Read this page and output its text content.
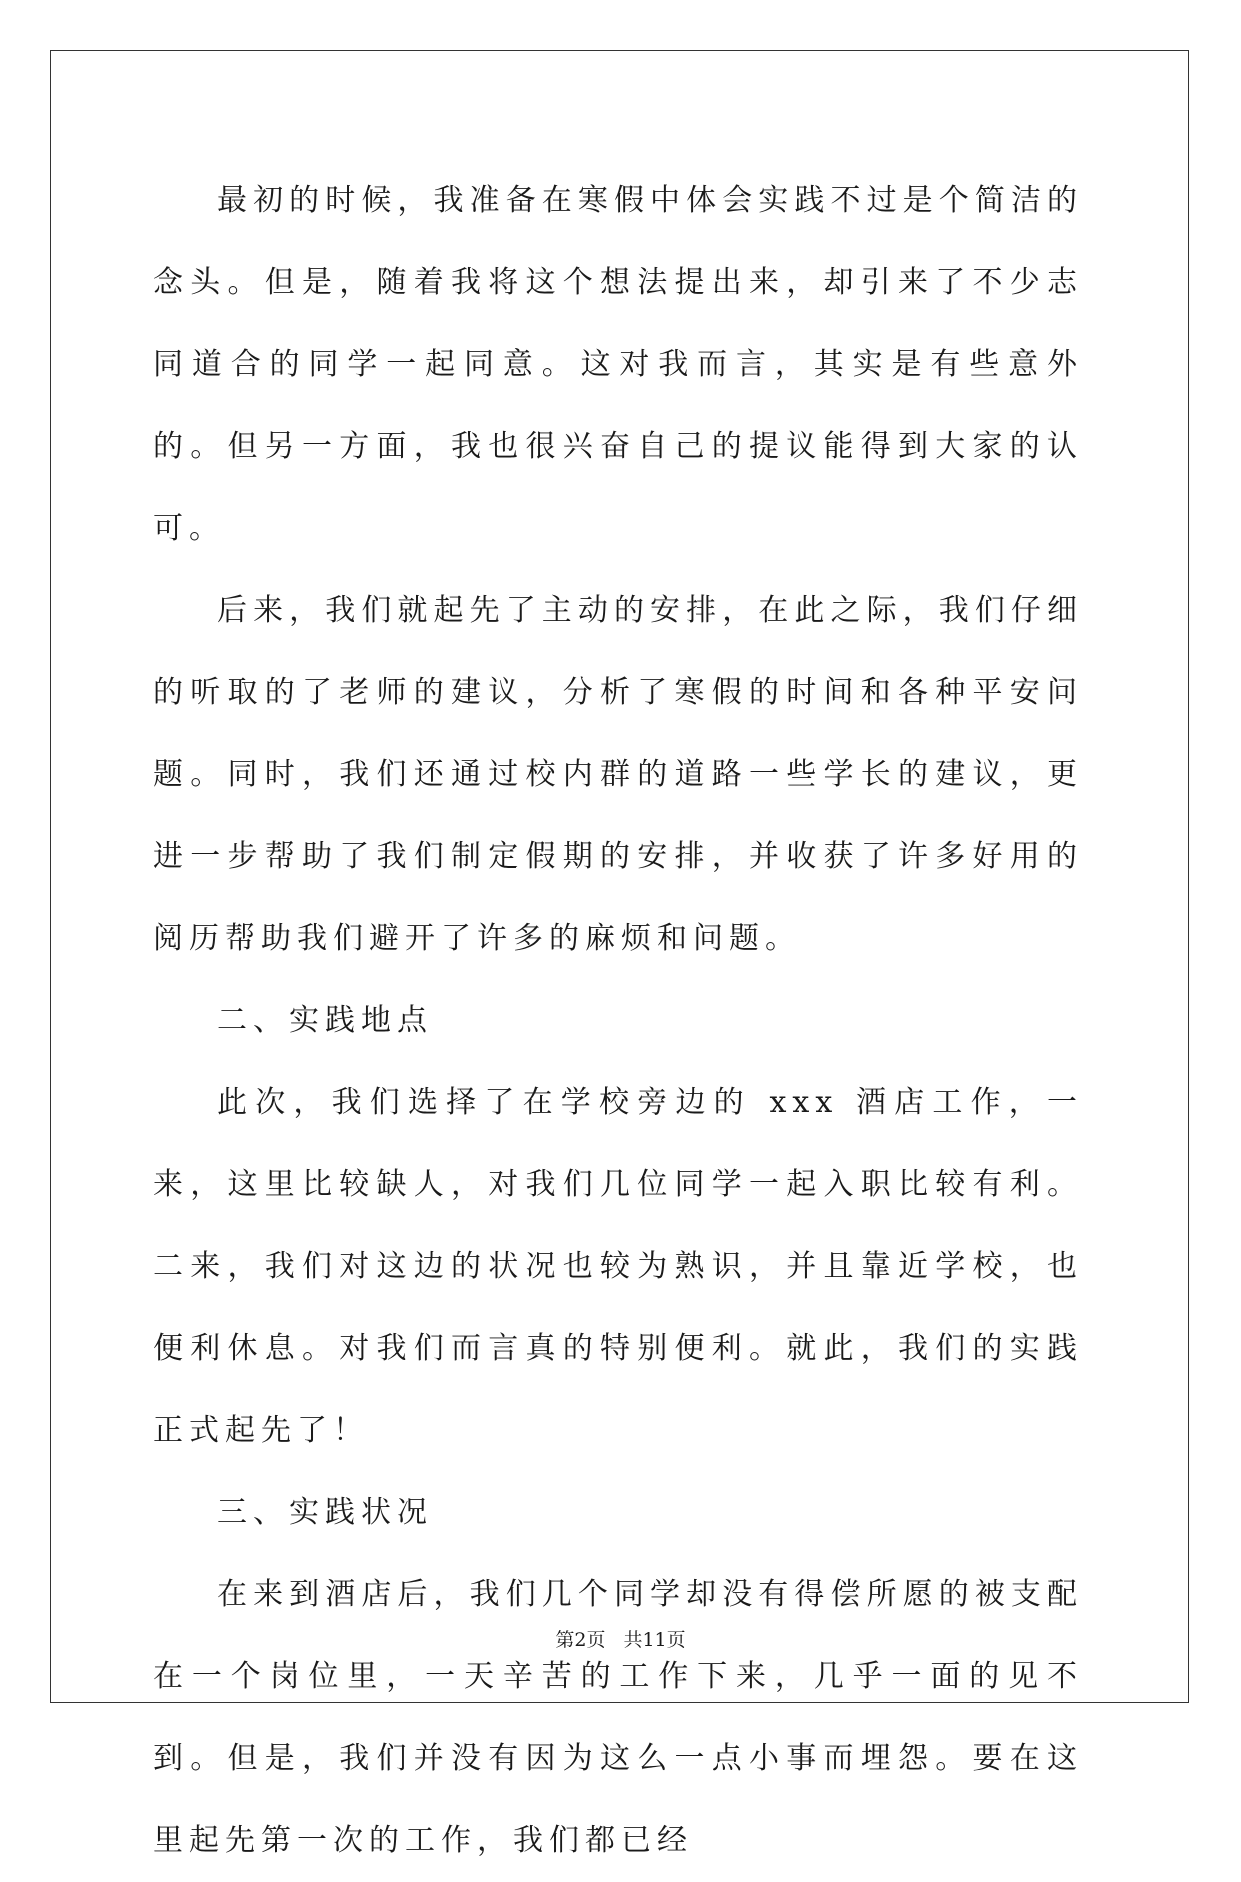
最初的时候，我准备在寒假中体会实践不过是个简洁的念头。但是，随着我将这个想法提出来，却引来了不少志同道合的同学一起同意。这对我而言，其实是有些意外的。但另一方面，我也很兴奋自己的提议能得到大家的认可。

后来，我们就起先了主动的安排，在此之际，我们仔细的听取的了老师的建议，分析了寒假的时间和各种平安问题。同时，我们还通过校内群的道路一些学长的建议，更进一步帮助了我们制定假期的安排，并收获了许多好用的阅历帮助我们避开了许多的麻烦和问题。

二、实践地点

此次，我们选择了在学校旁边的 xxx 酒店工作，一来，这里比较缺人，对我们几位同学一起入职比较有利。二来，我们对这边的状况也较为熟识，并且靠近学校，也便利休息。对我们而言真的特别便利。就此，我们的实践正式起先了！

三、实践状况

在来到酒店后，我们几个同学却没有得偿所愿的被支配在一个岗位里，一天辛苦的工作下来，几乎一面的见不到。但是，我们并没有因为这么一点小事而埋怨。要在这里起先第一次的工作，我们都已经

第2页 共11页
